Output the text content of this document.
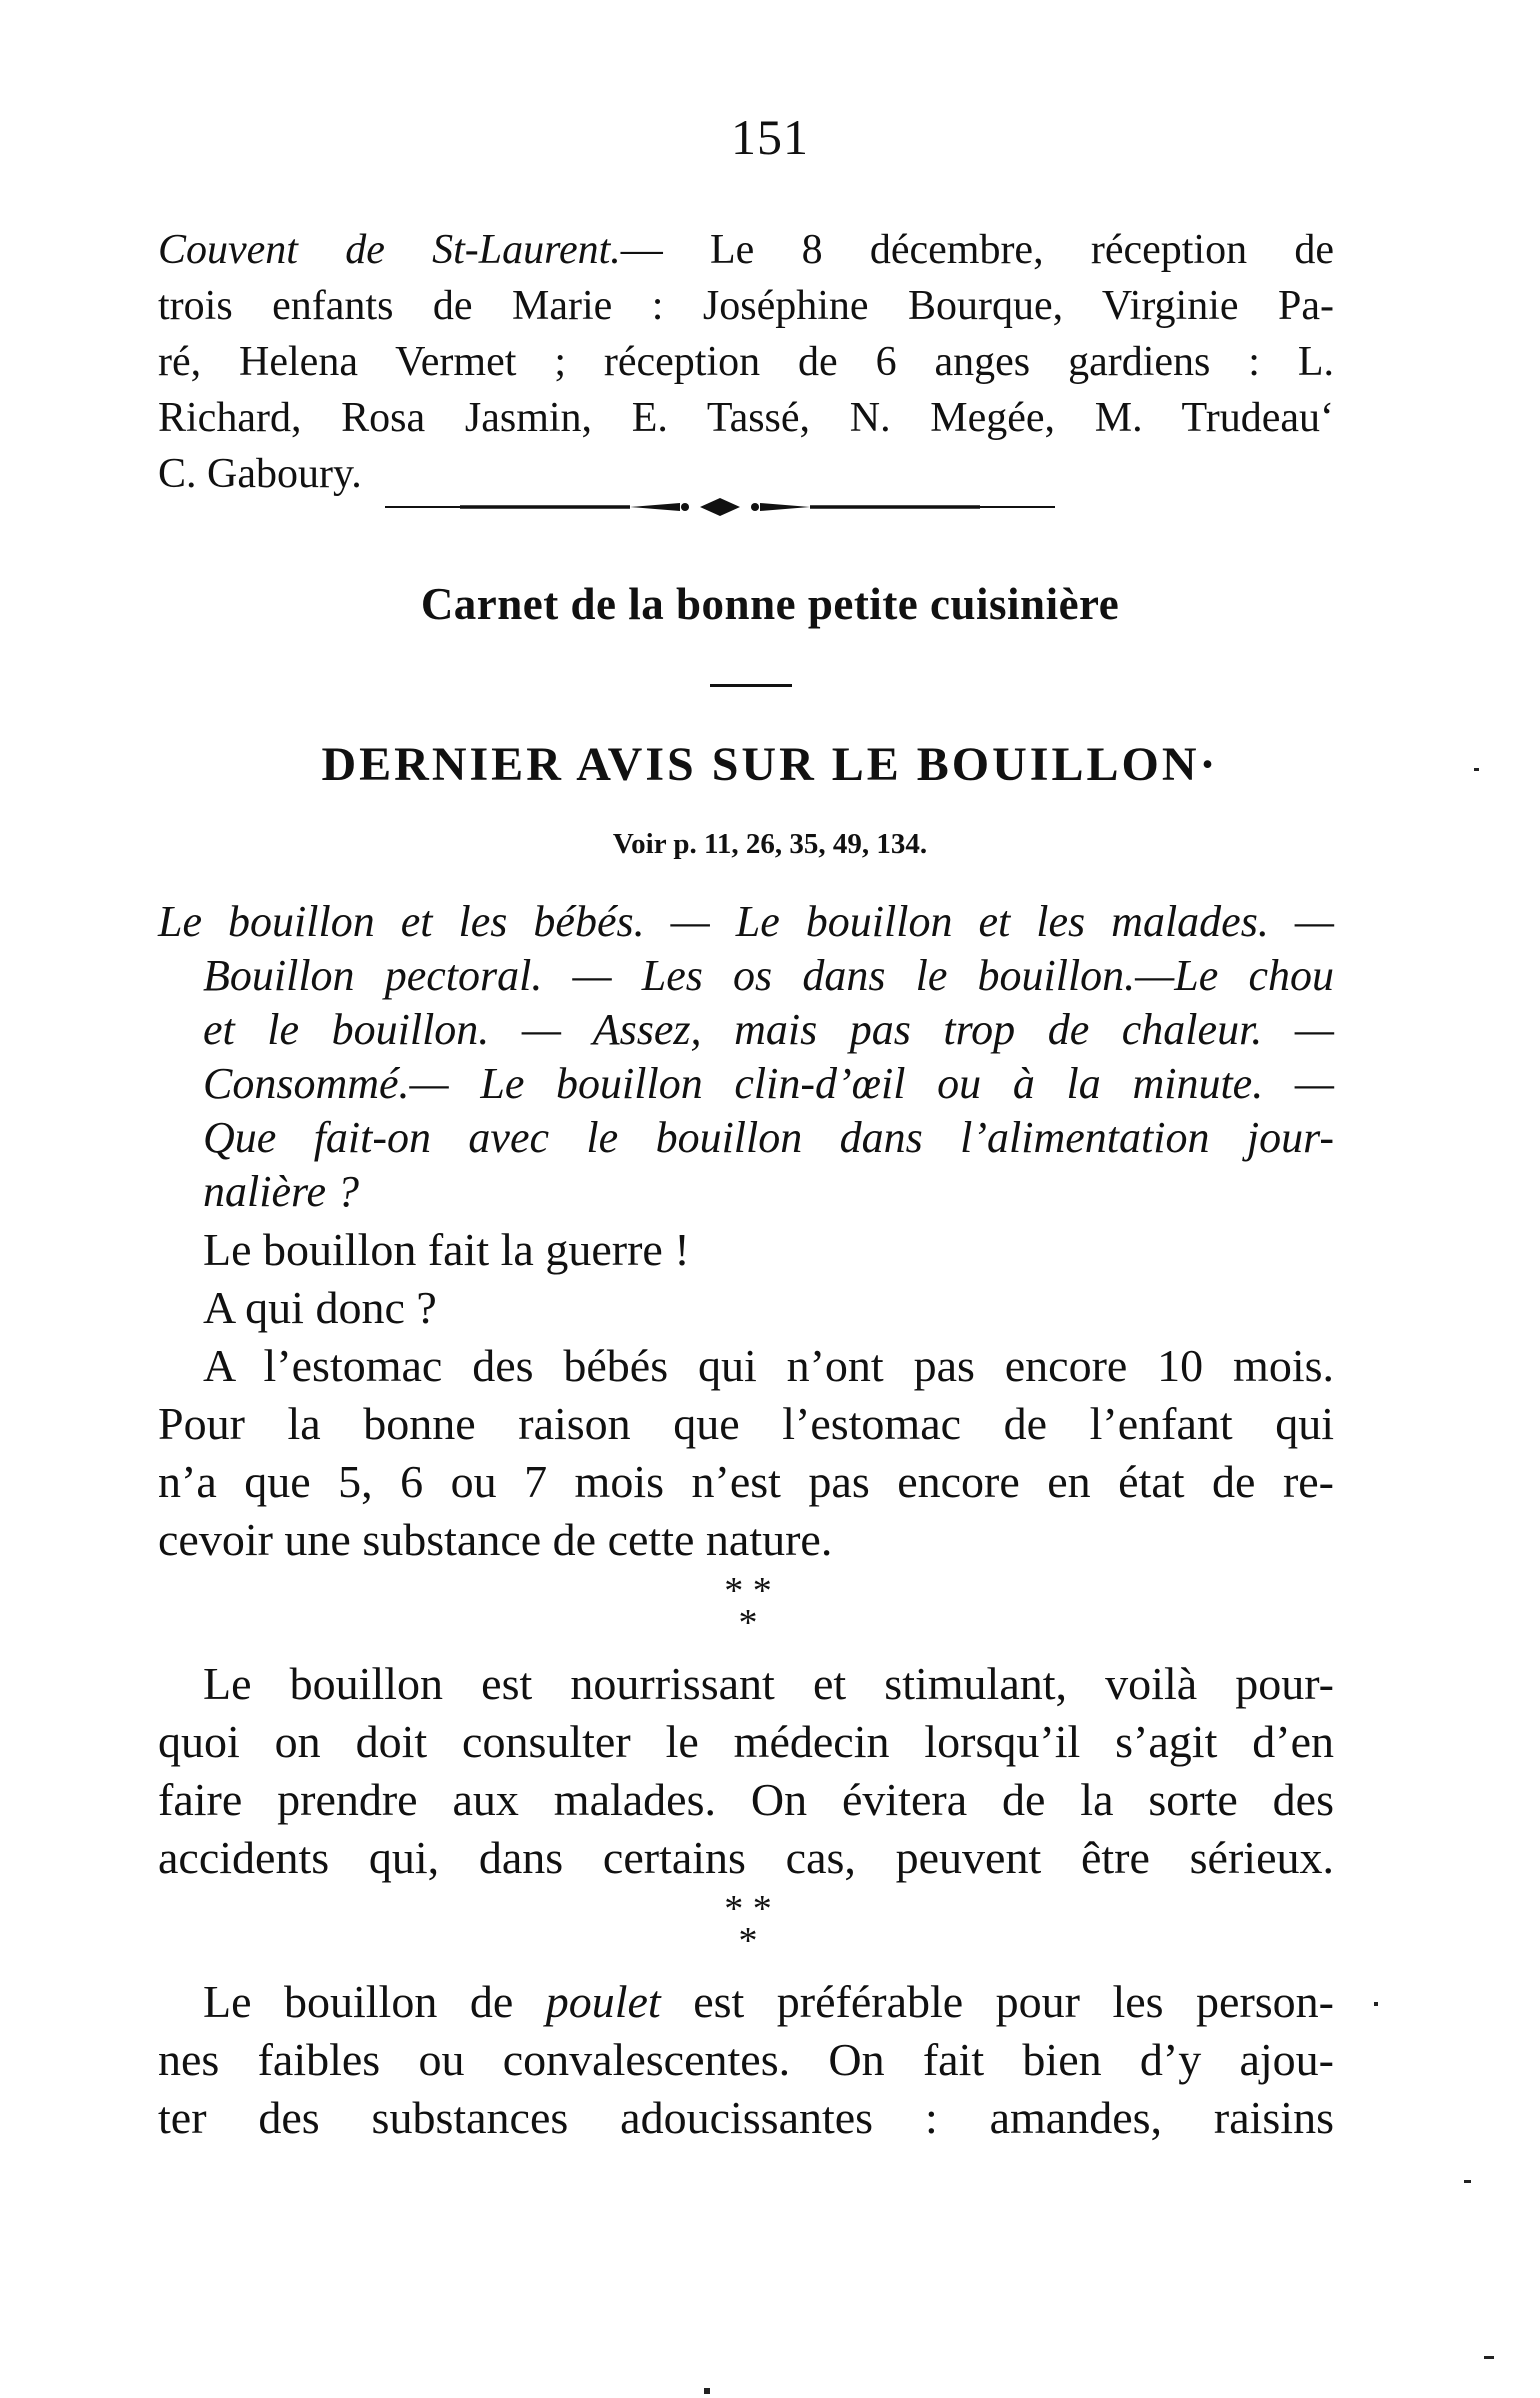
151
Couvent de St-Laurent.— Le 8 décembre, réception de
trois enfants de Marie : Joséphine Bourque, Virginie Pa-
ré, Helena Vermet ; réception de 6 anges gardiens : L.
Richard, Rosa Jasmin, E. Tassé, N. Megée, M. Trudeau‘
C. Gaboury.
Carnet de la bonne petite cuisinière
DERNIER AVIS SUR LE BOUILLON·
Voir p. 11, 26, 35, 49, 134.
Le bouillon et les bébés. — Le bouillon et les malades. —
Bouillon pectoral. — Les os dans le bouillon.—Le chou
et le bouillon. — Assez, mais pas trop de chaleur. —
Consommé.— Le bouillon clin-d’œil ou à la minute. —
Que fait-on avec le bouillon dans l’alimentation jour-
nalière ?
Le bouillon fait la guerre !
A qui donc ?
A l’estomac des bébés qui n’ont pas encore 10 mois.
Pour la bonne raison que l’estomac de l’enfant qui
n’a que 5, 6 ou 7 mois n’est pas encore en état de re-
cevoir une substance de cette nature.
* *
*
Le bouillon est nourrissant et stimulant, voilà pour-
quoi on doit consulter le médecin lorsqu’il s’agit d’en
faire prendre aux malades. On évitera de la sorte des
accidents qui, dans certains cas, peuvent être sérieux.
* *
*
Le bouillon de poulet est préférable pour les person-
nes faibles ou convalescentes. On fait bien d’y ajou-
ter des substances adoucissantes : amandes, raisins
